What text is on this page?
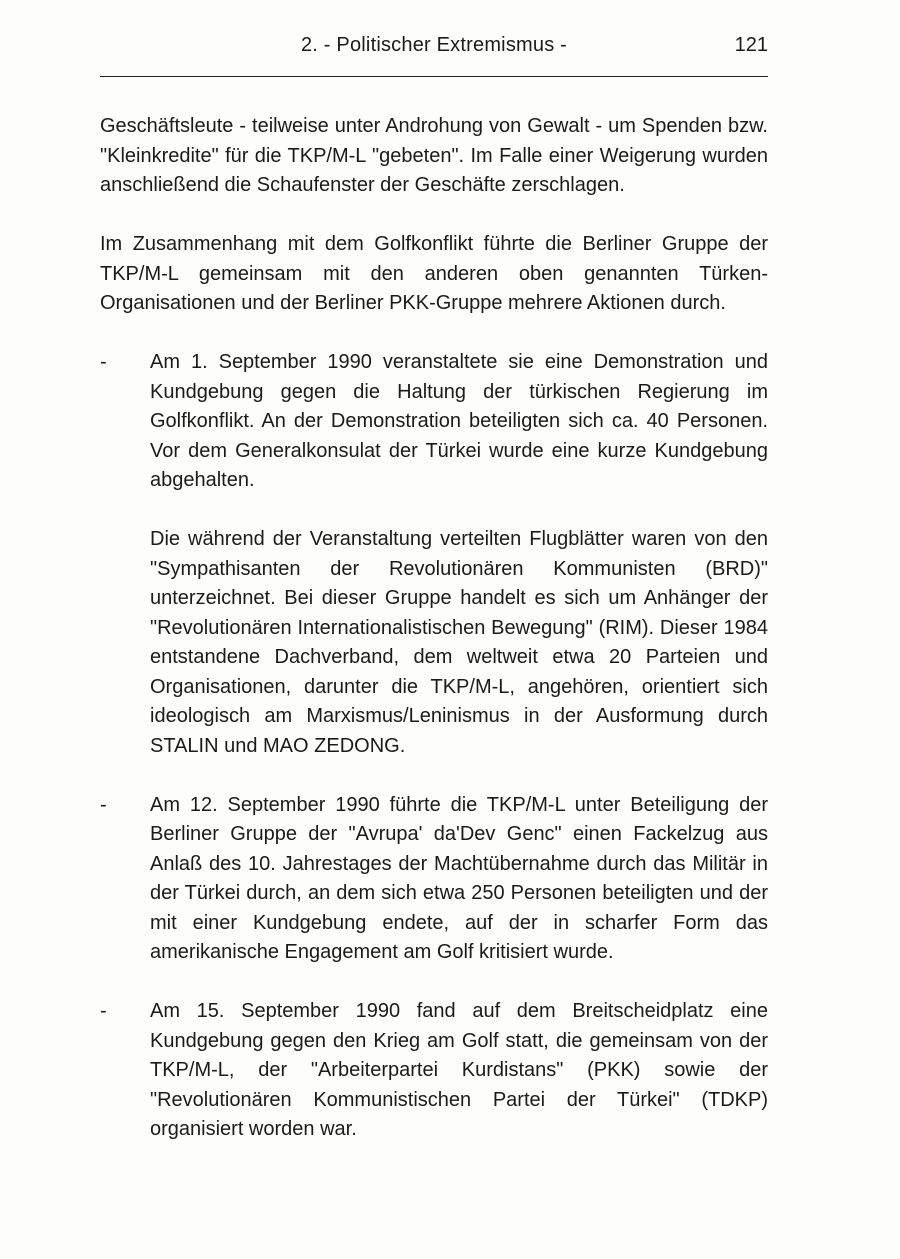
2. - Politischer Extremismus -	121

Geschäftsleute - teilweise unter Androhung von Gewalt - um Spenden bzw. "Kleinkredite" für die TKP/M-L "gebeten". Im Falle einer Weigerung wurden anschließend die Schaufenster der Geschäfte zerschlagen.

Im Zusammenhang mit dem Golfkonflikt führte die Berliner Gruppe der TKP/M-L gemeinsam mit den anderen oben genannten Türken-Organisationen und der Berliner PKK-Gruppe mehrere Aktionen durch.

-	Am 1. September 1990 veranstaltete sie eine Demonstration und Kundgebung gegen die Haltung der türkischen Regierung im Golfkonflikt. An der Demonstration beteiligten sich ca. 40 Personen. Vor dem Generalkonsulat der Türkei wurde eine kurze Kundgebung abgehalten.

Die während der Veranstaltung verteilten Flugblätter waren von den "Sympathisanten der Revolutionären Kommunisten (BRD)" unterzeichnet. Bei dieser Gruppe handelt es sich um Anhänger der "Revolutionären Internationalistischen Bewegung" (RIM). Dieser 1984 entstandene Dachverband, dem weltweit etwa 20 Parteien und Organisationen, darunter die TKP/M-L, angehören, orientiert sich ideologisch am Marxismus/Leninismus in der Ausformung durch STALIN und MAO ZEDONG.

-	Am 12. September 1990 führte die TKP/M-L unter Beteiligung der Berliner Gruppe der "Avrupa' da'Dev Genc" einen Fackelzug aus Anlaß des 10. Jahrestages der Machtübernahme durch das Militär in der Türkei durch, an dem sich etwa 250 Personen beteiligten und der mit einer Kundgebung endete, auf der in scharfer Form das amerikanische Engagement am Golf kritisiert wurde.

-	Am 15. September 1990 fand auf dem Breitscheidplatz eine Kundgebung gegen den Krieg am Golf statt, die gemeinsam von der TKP/M-L, der "Arbeiterpartei Kurdistans" (PKK) sowie der "Revolutionären Kommunistischen Partei der Türkei" (TDKP) organisiert worden war.
